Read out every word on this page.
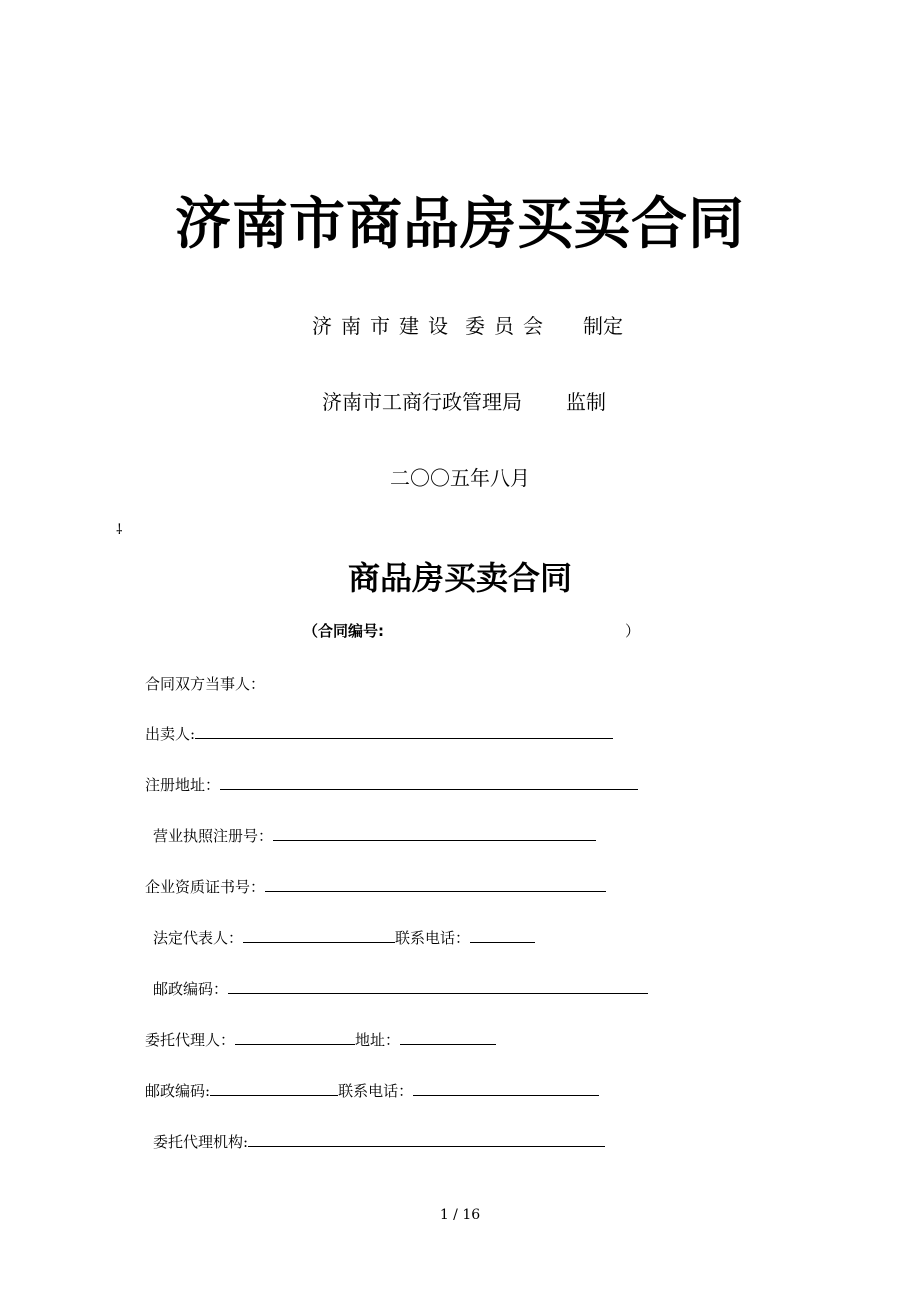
济南市商品房买卖合同
济南市建设 委员会 制定
济南市工商行政管理局 监制
二〇〇五年八月
⸸
商品房买卖合同
（合同编号:	）
合同双方当事人：
出卖人:
注册地址：
营业执照注册号：
企业资质证书号：
法定代表人：	联系电话：
邮政编码：
委托代理人：	地址：
邮政编码:	联系电话：
委托代理机构:
1 / 16
